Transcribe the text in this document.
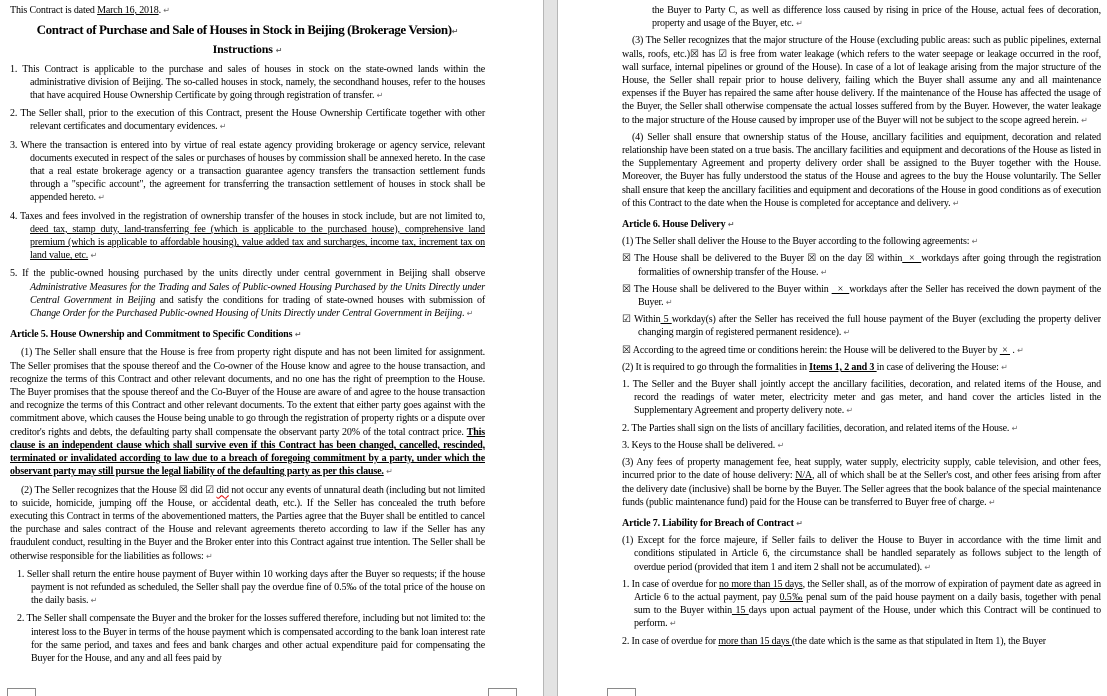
This Contract is dated March 16, 2018. ↵
Contract of Purchase and Sale of Houses in Stock in Beijing (Brokerage Version)↵
Instructions ↵
1. This Contract is applicable to the purchase and sales of houses in stock on the state-owned lands within the administrative division of Beijing. The so-called houses in stock, namely, the secondhand houses, refer to the houses that have acquired House Ownership Certificate by going through registration of transfer. ↵
2. The Seller shall, prior to the execution of this Contract, present the House Ownership Certificate together with other relevant certificates and documentary evidences. ↵
3. Where the transaction is entered into by virtue of real estate agency providing brokerage or agency service, relevant documents executed in respect of the sales or purchases of houses by commission shall be annexed hereto. In the case that a real estate brokerage agency or a transaction guarantee agency transfers the transaction settlement funds through a "specific account", the agreement for transferring the transaction settlement of houses in stock shall be appended hereto. ↵
4. Taxes and fees involved in the registration of ownership transfer of the houses in stock include, but are not limited to, deed tax, stamp duty, land-transferring fee (which is applicable to the purchased house), comprehensive land premium (which is applicable to affordable housing), value added tax and surcharges, income tax, increment tax on land value, etc. ↵
5. If the public-owned housing purchased by the units directly under central government in Beijing shall observe Administrative Measures for the Trading and Sales of Public-owned Housing Purchased by the Units Directly under Central Government in Beijing and satisfy the conditions for trading of state-owned houses with submission of Change Order for the Purchased Public-owned Housing of Units Directly under Central Government in Beijing. ↵
Article 5. House Ownership and Commitment to Specific Conditions ↵
(1) The Seller shall ensure that the House is free from property right dispute and has not been limited for assignment. The Seller promises that the spouse thereof and the Co-owner of the House know and agree to the house transaction, and recognize the terms of this Contract and other relevant documents, and no one has the right of preemption to the House. The Buyer promises that the spouse thereof and the Co-Buyer of the House are aware of and agree to the house transaction and recognize the terms of this Contract and other relevant documents. To the extent that either party goes against with the commitment above, which causes the House being unable to go through the registration of property rights or a dispute over creditor's rights and debts, the defaulting party shall compensate the observant party 20% of the total contract price. This clause is an independent clause which shall survive even if this Contract has been changed, cancelled, rescinded, terminated or invalidated according to law due to a breach of foregoing commitment by a party, under which the observant party may still pursue the legal liability of the defaulting party as per this clause. ↵
(2) The Seller recognizes that the House ☒ did ☑ did not occur any events of unnatural death (including but not limited to suicide, homicide, jumping off the House, or accidental death, etc.). If the Seller has concealed the truth before executing this Contract in terms of the abovementioned matters, the Parties agree that the Buyer shall be entitled to cancel the purchase and sales contract of the House and relevant agreements thereto according to law if the Seller has any fraudulent conduct, resulting in the Buyer and the Broker enter into this Contract against true intention. The Seller shall be otherwise responsible for the liabilities as follows: ↵
1. Seller shall return the entire house payment of Buyer within 10 working days after the Buyer so requests; if the house payment is not refunded as scheduled, the Seller shall pay the overdue fine of 0.5‰ of the total price of the house on the daily basis. ↵
2. The Seller shall compensate the Buyer and the broker for the losses suffered therefore, including but not limited to: the interest loss to the Buyer in terms of the house payment which is compensated according to the bank loan interest rate for the same period, and taxes and fees and bank charges and other actual expenditure paid for compensating the Buyer for the House, and any and all fees paid by
the Buyer to Party C, as well as difference loss caused by rising in price of the House, actual fees of decoration, property and usage of the Buyer, etc. ↵
(3) The Seller recognizes that the major structure of the House (excluding public areas: such as public pipelines, external walls, roofs, etc.)☒ has ☑ is free from water leakage (which refers to the water seepage or leakage occurred in the roof, wall surface, internal pipelines or ground of the House). In case of a lot of leakage arising from the major structure of the House, the Seller shall repair prior to house delivery, failing which the Buyer shall assume any and all maintenance expenses if the Buyer has repaired the same after house delivery. If the maintenance of the House has affected the usage of the Buyer, the Seller shall otherwise compensate the actual losses suffered from by the Buyer. However, the water leakage to the major structure of the House caused by improper use of the Buyer will not be subject to the scope agreed herein. ↵
(4) Seller shall ensure that ownership status of the House, ancillary facilities and equipment, decoration and related relationship have been stated on a true basis. The ancillary facilities and equipment and decorations of the House as listed in the Supplementary Agreement and property delivery order shall be assigned to the Buyer together with the House. Moreover, the Buyer has fully understood the status of the House and agrees to the buy the House voluntarily. The Seller shall ensure that keep the ancillary facilities and equipment and decorations of the House in good conditions as of execution of this Contract to the date when the House is completed for acceptance and delivery. ↵
Article 6. House Delivery ↵
(1) The Seller shall deliver the House to the Buyer according to the following agreements: ↵
☒ The House shall be delivered to the Buyer ☒ on the day ☒ within  ×  workdays after going through the registration formalities of ownership transfer of the House. ↵
☒ The House shall be delivered to the Buyer within   ×  workdays after the Seller has received the down payment of the Buyer. ↵
☑ Within 5 workday(s) after the Seller has received the full house payment of the Buyer (excluding the property deliver changing margin of registered permanent residence). ↵
☒ According to the agreed time or conditions herein: the House will be delivered to the Buyer by  ×  . ↵
(2) It is required to go through the formalities in Items 1, 2 and 3 in case of delivering the House: ↵
1. The Seller and the Buyer shall jointly accept the ancillary facilities, decoration, and related items of the House, and record the readings of water meter, electricity meter and gas meter, and hand cover the articles listed in the Supplementary Agreement and property delivery note. ↵
2. The Parties shall sign on the lists of ancillary facilities, decoration, and related items of the House. ↵
3. Keys to the House shall be delivered. ↵
(3) Any fees of property management fee, heat supply, water supply, electricity supply, cable television, and other fees, incurred prior to the date of house delivery: N/A, all of which shall be at the Seller's cost, and other fees arising from after the delivery date (inclusive) shall be borne by the Buyer. The Seller agrees that the book balance of the special maintenance funds (public maintenance fund) paid for the House can be transferred to Buyer free of charge. ↵
Article 7. Liability for Breach of Contract ↵
(1) Except for the force majeure, if Seller fails to deliver the House to Buyer in accordance with the time limit and conditions stipulated in Article 6, the circumstance shall be handled separately as follows subject to the length of overdue period (provided that item 1 and item 2 shall not be accumulated). ↵
1. In case of overdue for no more than 15 days, the Seller shall, as of the morrow of expiration of payment date as agreed in Article 6 to the actual payment, pay 0.5‰ penal sum of the paid house payment on a daily basis, together with penal sum to the Buyer within 15 days upon actual payment of the House, under which this Contract will be continued to perform. ↵
2. In case of overdue for more than 15 days (the date which is the same as that stipulated in Item 1), the Buyer
